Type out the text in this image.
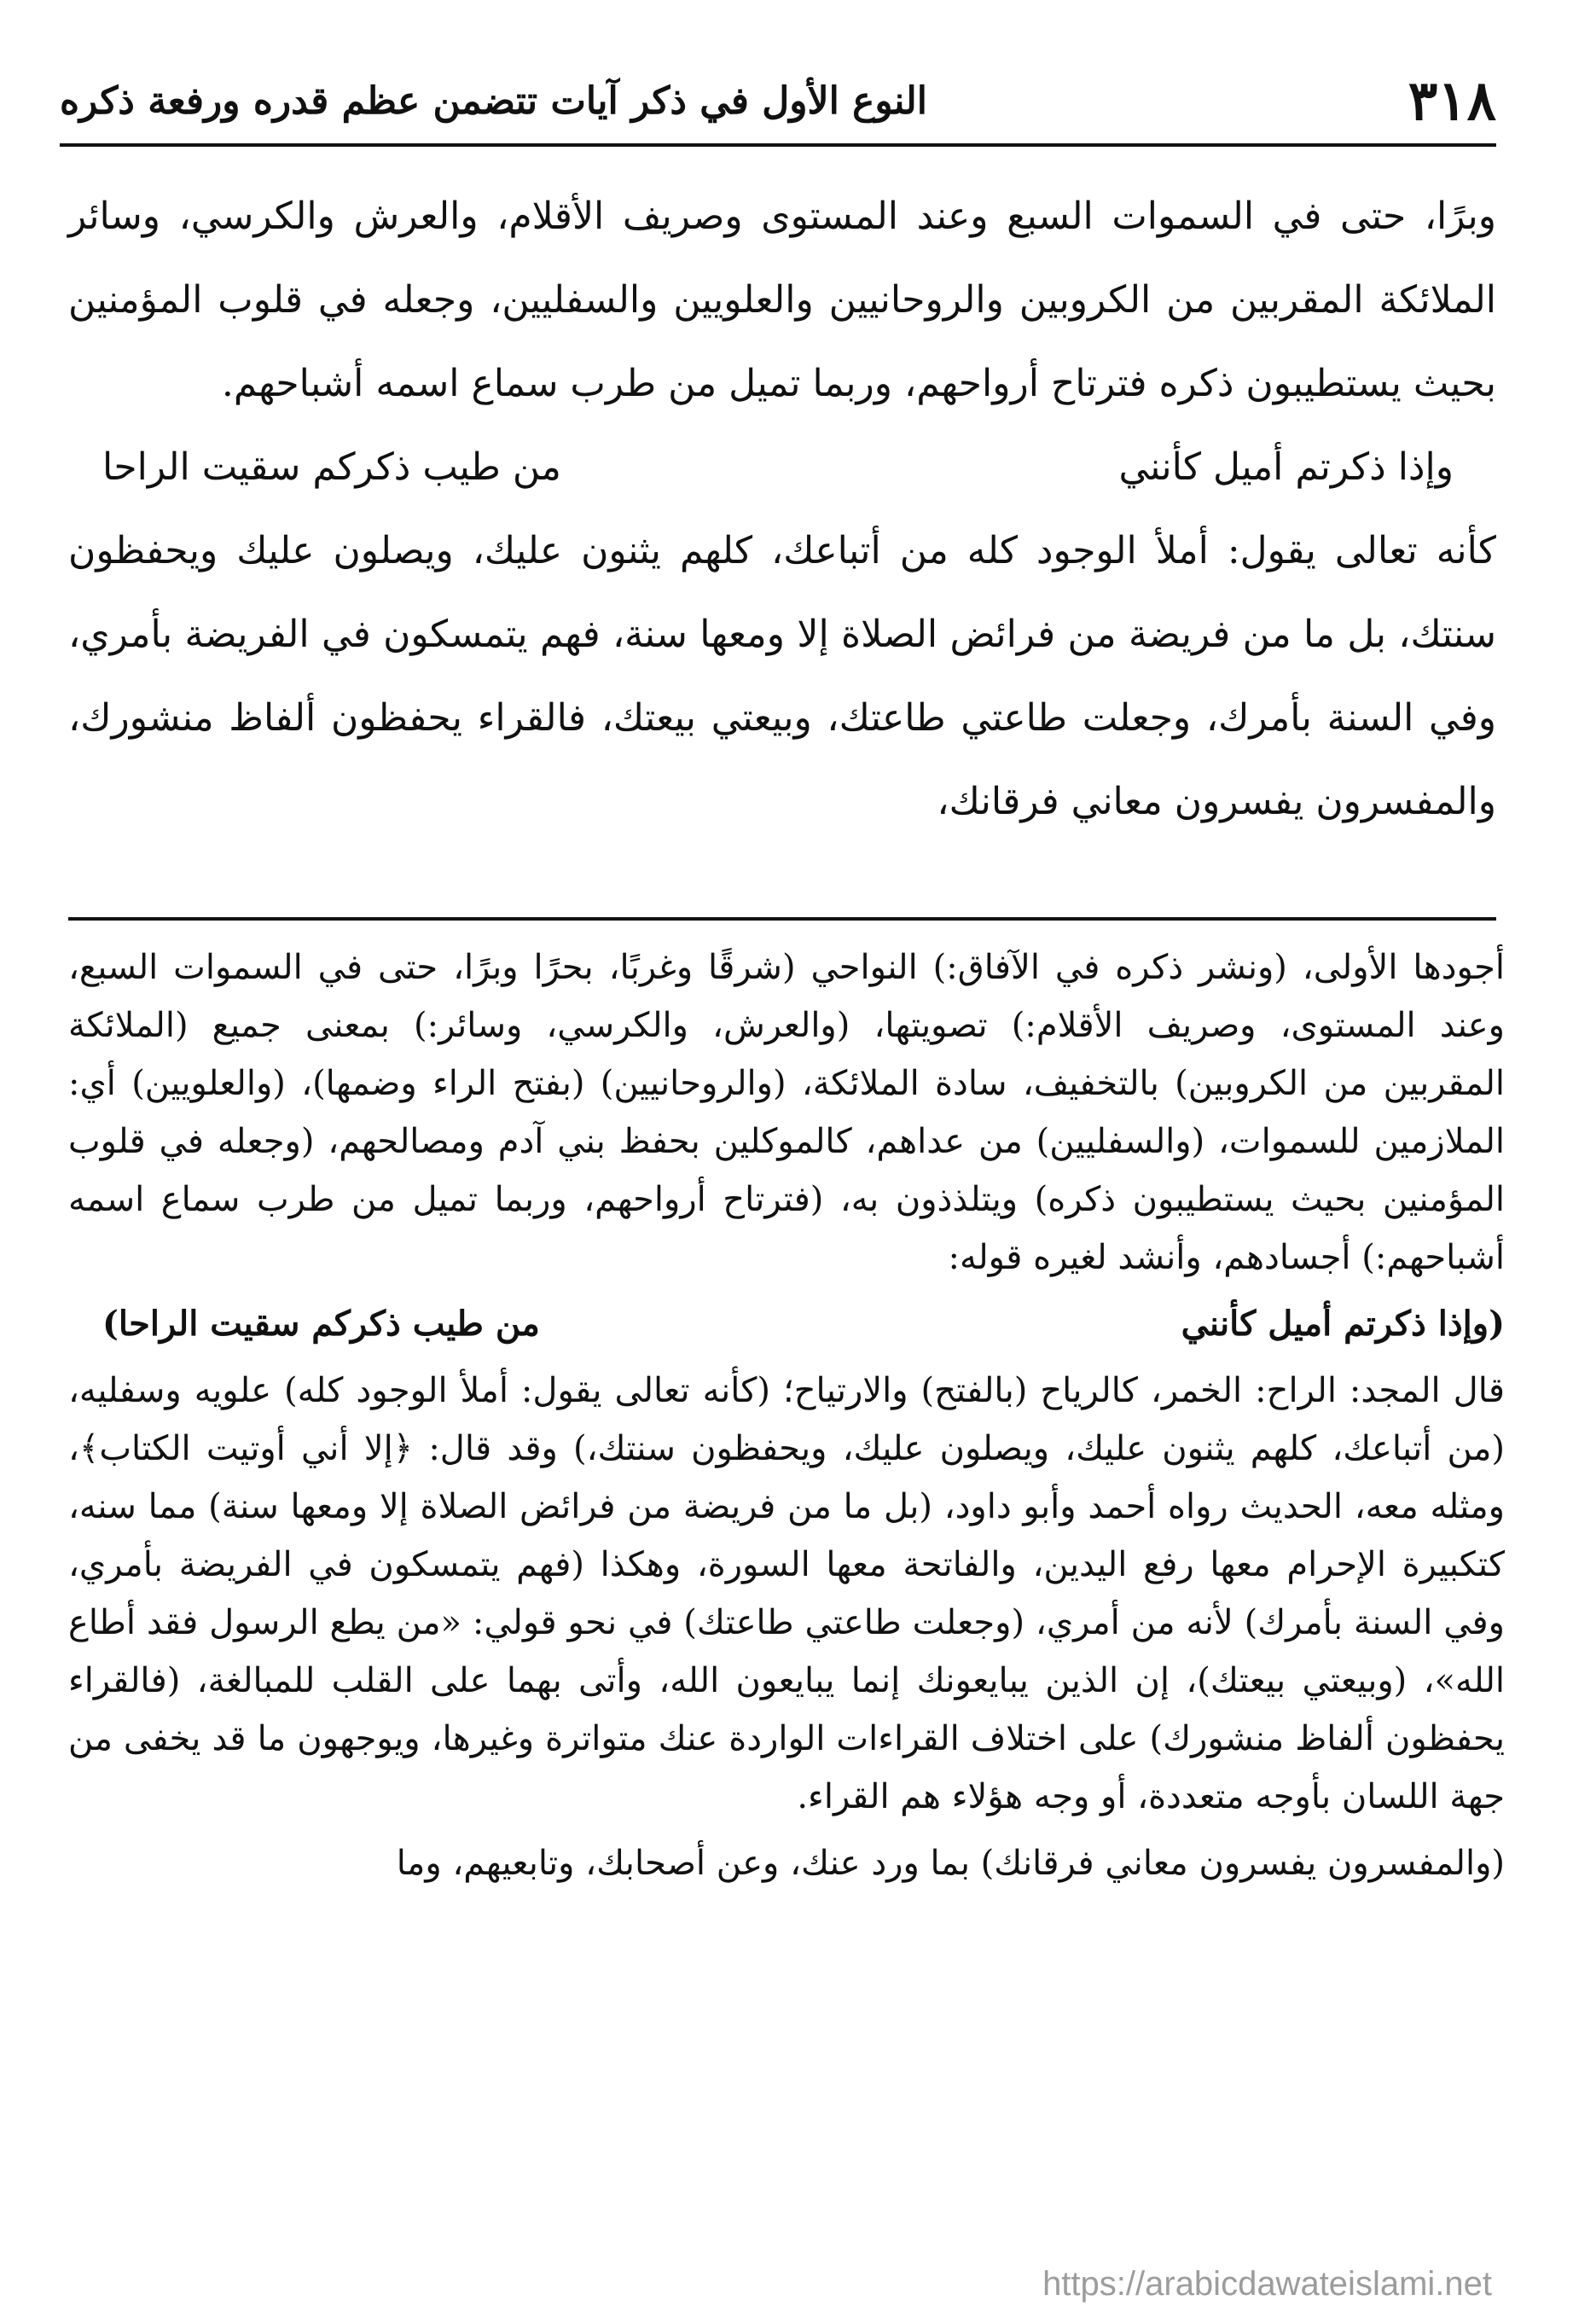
٣١٨
النوع الأول في ذكر آيات تتضمن عظم قدره ورفعة ذكره

وبرًا، حتى في السموات السبع وعند المستوى وصريف الأقلام، والعرش والكرسي، وسائر الملائكة المقربين من الكروبين والروحانيين والعلويين والسفليين، وجعله في قلوب المؤمنين بحيث يستطيبون ذكره فترتاح أرواحهم، وربما تميل من طرب سماع اسمه أشباحهم.

وإذا ذكرتم أميل كأنني
من طيب ذكركم سقيت الراحا

كأنه تعالى يقول: أملأ الوجود كله من أتباعك، كلهم يثنون عليك، ويصلون عليك ويحفظون سنتك، بل ما من فريضة من فرائض الصلاة إلا ومعها سنة، فهم يتمسكون في الفريضة بأمري، وفي السنة بأمرك، وجعلت طاعتي طاعتك، وبيعتي بيعتك، فالقراء يحفظون ألفاظ منشورك، والمفسرون يفسرون معاني فرقانك،

أجودها الأولى، (ونشر ذكره في الآفاق:) النواحي (شرقًا وغربًا، بحرًا وبرًا، حتى في السموات السبع، وعند المستوى، وصريف الأقلام:) تصويتها، (والعرش، والكرسي، وسائر:) بمعنى جميع (الملائكة المقربين من الكروبين) بالتخفيف، سادة الملائكة، (والروحانيين) (بفتح الراء وضمها)، (والعلويين) أي: الملازمين للسموات، (والسفليين) من عداهم، كالموكلين بحفظ بني آدم ومصالحهم، (وجعله في قلوب المؤمنين بحيث يستطيبون ذكره) ويتلذذون به، (فترتاح أرواحهم، وربما تميل من طرب سماع اسمه أشباحهم:) أجسادهم، وأنشد لغيره قوله:

(وإذا ذكرتم أميل كأنني
من طيب ذكركم سقيت الراحا)

قال المجد: الراح: الخمر، كالرياح (بالفتح) والارتياح؛ (كأنه تعالى يقول: أملأ الوجود كله) علويه وسفليه، (من أتباعك، كلهم يثنون عليك، ويصلون عليك، ويحفظون سنتك،) وقد قال: ﴿إلا أني أوتيت الكتاب﴾، ومثله معه، الحديث رواه أحمد وأبو داود، (بل ما من فريضة من فرائض الصلاة إلا ومعها سنة) مما سنه، كتكبيرة الإحرام معها رفع اليدين، والفاتحة معها السورة، وهكذا (فهم يتمسكون في الفريضة بأمري، وفي السنة بأمرك) لأنه من أمري، (وجعلت طاعتي طاعتك) في نحو قولي: «من يطع الرسول فقد أطاع الله»، (وبيعتي بيعتك)، إن الذين يبايعونك إنما يبايعون الله، وأتى بهما على القلب للمبالغة، (فالقراء يحفظون ألفاظ منشورك) على اختلاف القراءات الواردة عنك متواترة وغيرها، ويوجهون ما قد يخفى من جهة اللسان بأوجه متعددة، أو وجه هؤلاء هم القراء.

(والمفسرون يفسرون معاني فرقانك) بما ورد عنك، وعن أصحابك، وتابعيهم، وما

https://arabicdawateislami.net
